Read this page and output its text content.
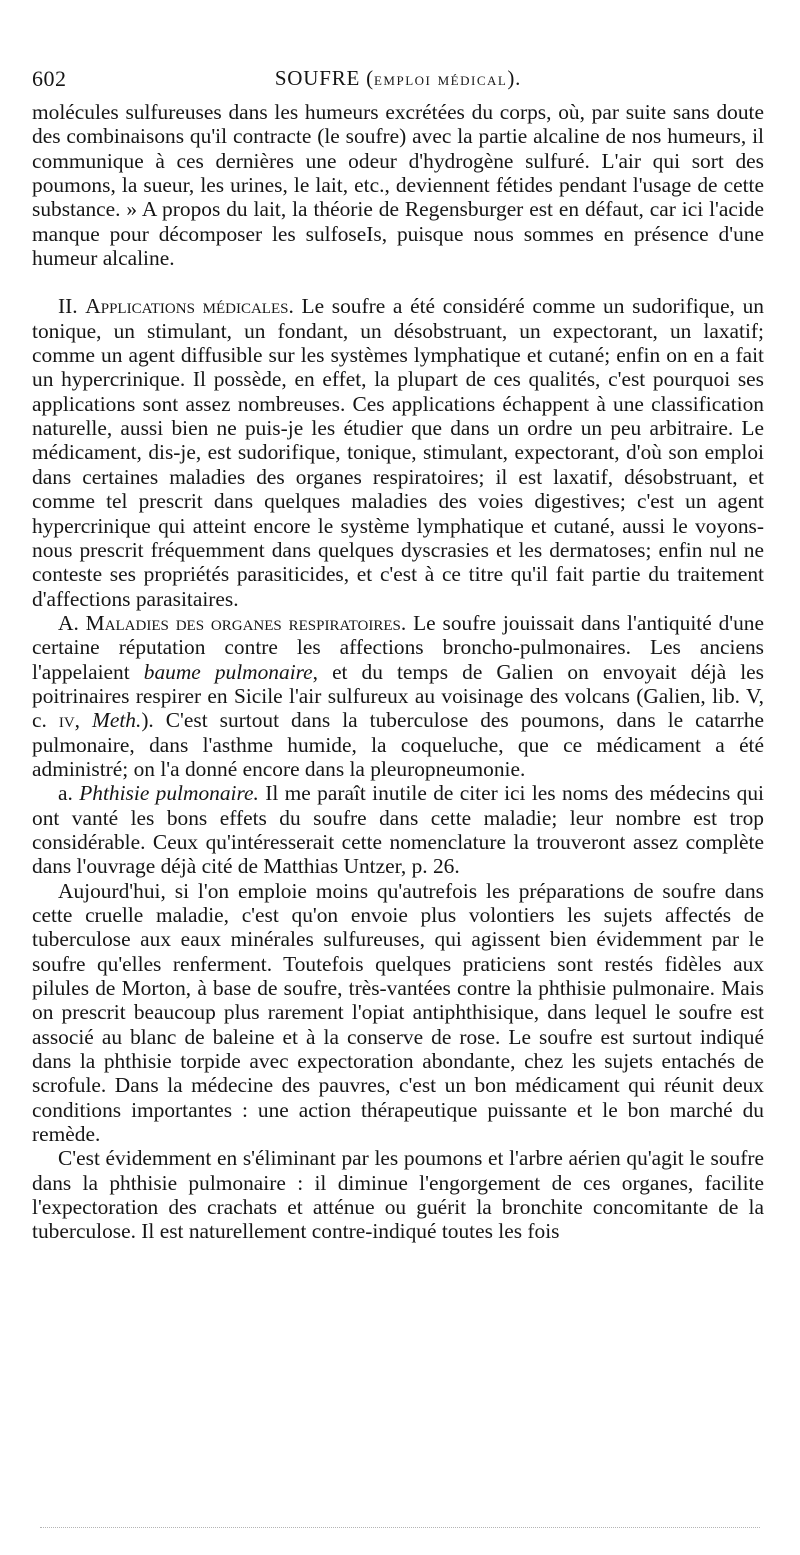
602	SOUFRE (emploi médical).

molécules sulfureuses dans les humeurs excrétées du corps, où, par suite sans doute des combinaisons qu'il contracte (le soufre) avec la partie alcaline de nos humeurs, il communique à ces dernières une odeur d'hydrogène sulfuré. L'air qui sort des poumons, la sueur, les urines, le lait, etc., deviennent fétides pendant l'usage de cette substance. » A propos du lait, la théorie de Regensburger est en défaut, car ici l'acide manque pour décomposer les sulfoseIs, puisque nous sommes en présence d'une humeur alcaline.

II. Applications médicales. Le soufre a été considéré comme un sudorifique, un tonique, un stimulant, un fondant, un désobstruant, un expectorant, un laxatif; comme un agent diffusible sur les systèmes lymphatique et cutané; enfin on en a fait un hypercrinique. Il possède, en effet, la plupart de ces qualités, c'est pourquoi ses applications sont assez nombreuses. Ces applications échappent à une classification naturelle, aussi bien ne puis-je les étudier que dans un ordre un peu arbitraire. Le médicament, dis-je, est sudorifique, tonique, stimulant, expectorant, d'où son emploi dans certaines maladies des organes respiratoires; il est laxatif, désobstruant, et comme tel prescrit dans quelques maladies des voies digestives; c'est un agent hypercrinique qui atteint encore le système lymphatique et cutané, aussi le voyons-nous prescrit fréquemment dans quelques dyscrasies et les dermatoses; enfin nul ne conteste ses propriétés parasiticides, et c'est à ce titre qu'il fait partie du traitement d'affections parasitaires.

A. Maladies des organes respiratoires. Le soufre jouissait dans l'antiquité d'une certaine réputation contre les affections broncho-pulmonaires. Les anciens l'appelaient baume pulmonaire, et du temps de Galien on envoyait déjà les poitrinaires respirer en Sicile l'air sulfureux au voisinage des volcans (Galien, lib. V, c. iv, Meth.). C'est surtout dans la tuberculose des poumons, dans le catarrhe pulmonaire, dans l'asthme humide, la coqueluche, que ce médicament a été administré; on l'a donné encore dans la pleuropneumonie.

a. Phthisie pulmonaire. Il me paraît inutile de citer ici les noms des médecins qui ont vanté les bons effets du soufre dans cette maladie; leur nombre est trop considérable. Ceux qu'intéresserait cette nomenclature la trouveront assez complète dans l'ouvrage déjà cité de Matthias Untzer, p. 26.

Aujourd'hui, si l'on emploie moins qu'autrefois les préparations de soufre dans cette cruelle maladie, c'est qu'on envoie plus volontiers les sujets affectés de tuberculose aux eaux minérales sulfureuses, qui agissent bien évidemment par le soufre qu'elles renferment. Toutefois quelques praticiens sont restés fidèles aux pilules de Morton, à base de soufre, très-vantées contre la phthisie pulmonaire. Mais on prescrit beaucoup plus rarement l'opiat antiphthisique, dans lequel le soufre est associé au blanc de baleine et à la conserve de rose. Le soufre est surtout indiqué dans la phthisie torpide avec expectoration abondante, chez les sujets entachés de scrofule. Dans la médecine des pauvres, c'est un bon médicament qui réunit deux conditions importantes : une action thérapeutique puissante et le bon marché du remède.

C'est évidemment en s'éliminant par les poumons et l'arbre aérien qu'agit le soufre dans la phthisie pulmonaire : il diminue l'engorgement de ces organes, facilite l'expectoration des crachats et atténue ou guérit la bronchite concomitante de la tuberculose. Il est naturellement contre-indiqué toutes les fois
